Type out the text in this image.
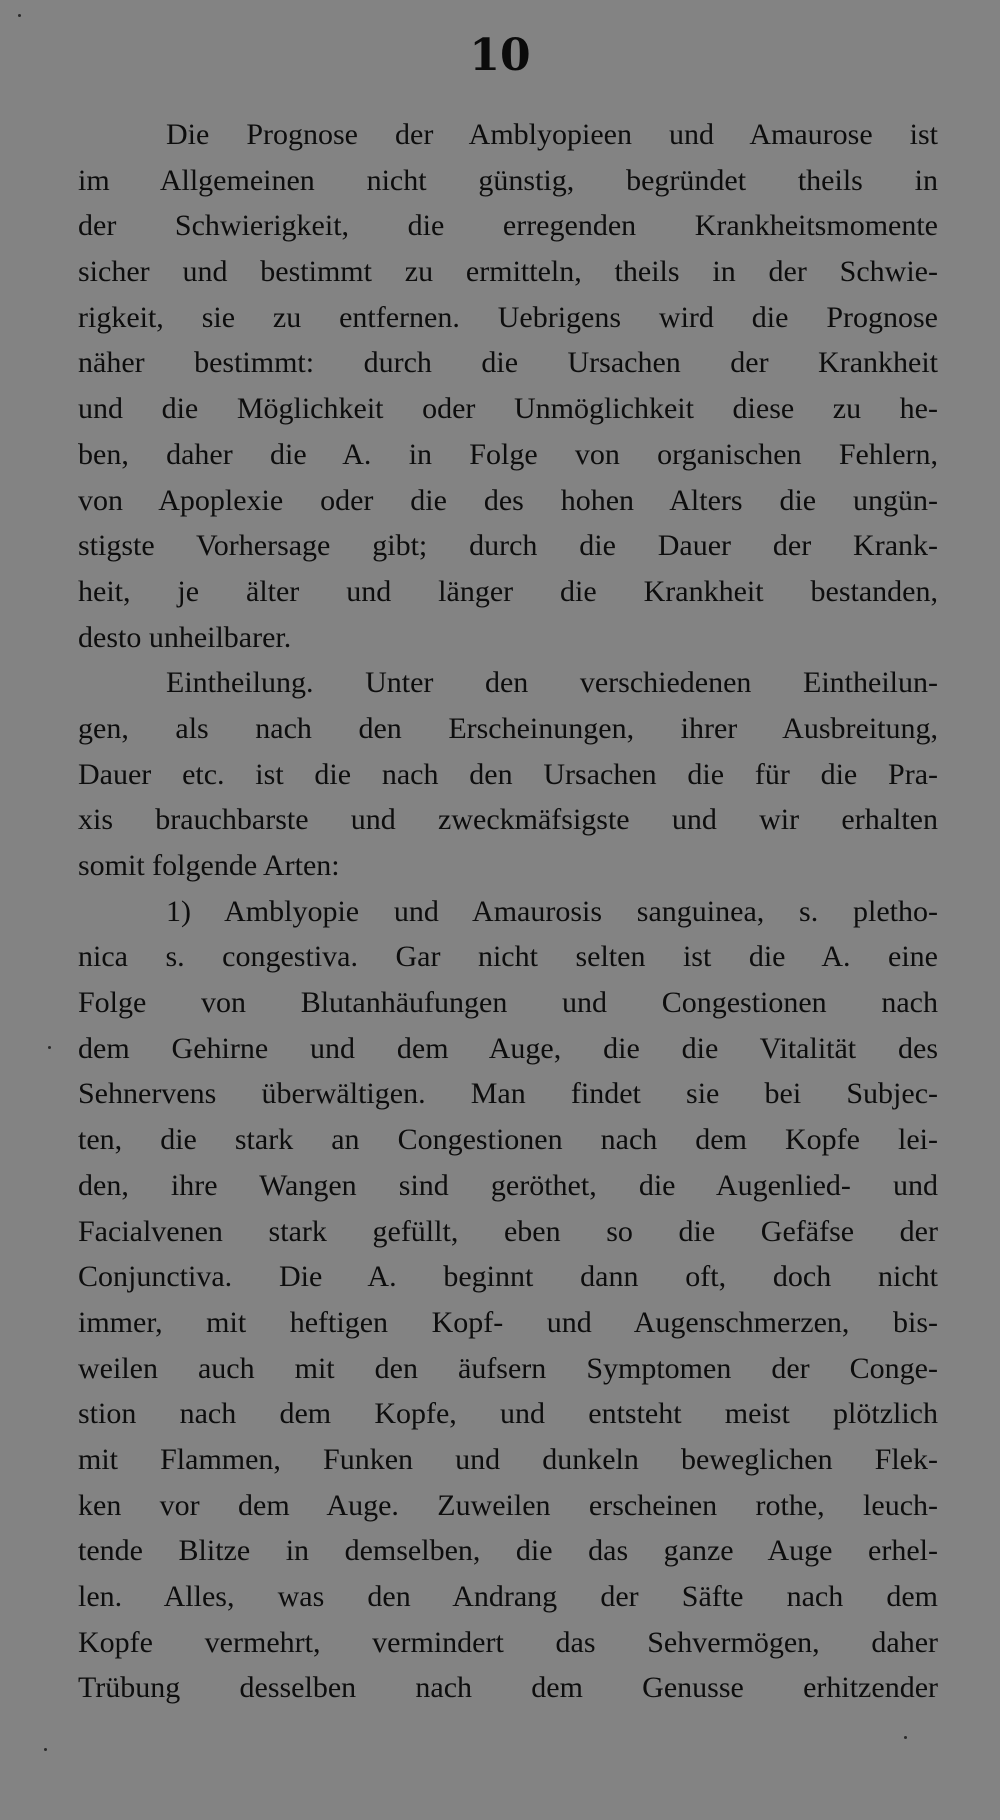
10
Die Prognose der Amblyopieen und Amaurose ist
im Allgemeinen nicht günstig, begründet theils in
der Schwierigkeit, die erregenden Krankheitsmomente
sicher und bestimmt zu ermitteln, theils in der Schwie-
rigkeit, sie zu entfernen. Uebrigens wird die Prognose
näher bestimmt: durch die Ursachen der Krankheit
und die Möglichkeit oder Unmöglichkeit diese zu he-
ben, daher die A. in Folge von organischen Fehlern,
von Apoplexie oder die des hohen Alters die ungün-
stigste Vorhersage gibt; durch die Dauer der Krank-
heit, je älter und länger die Krankheit bestanden,
desto unheilbarer.
Eintheilung. Unter den verschiedenen Eintheilun-
gen, als nach den Erscheinungen, ihrer Ausbreitung,
Dauer etc. ist die nach den Ursachen die für die Pra-
xis brauchbarste und zweckmäfsigste und wir erhalten
somit folgende Arten:
1) Amblyopie und Amaurosis sanguinea, s. pletho-
nica s. congestiva. Gar nicht selten ist die A. eine
Folge von Blutanhäufungen und Congestionen nach
dem Gehirne und dem Auge, die die Vitalität des
Sehnervens überwältigen. Man findet sie bei Subjec-
ten, die stark an Congestionen nach dem Kopfe lei-
den, ihre Wangen sind geröthet, die Augenlied- und
Facialvenen stark gefüllt, eben so die Gefäfse der
Conjunctiva. Die A. beginnt dann oft, doch nicht
immer, mit heftigen Kopf- und Augenschmerzen, bis-
weilen auch mit den äufsern Symptomen der Conge-
stion nach dem Kopfe, und entsteht meist plötzlich
mit Flammen, Funken und dunkeln beweglichen Flek-
ken vor dem Auge. Zuweilen erscheinen rothe, leuch-
tende Blitze in demselben, die das ganze Auge erhel-
len. Alles, was den Andrang der Säfte nach dem
Kopfe vermehrt, vermindert das Sehvermögen, daher
Trübung desselben nach dem Genusse erhitzender
